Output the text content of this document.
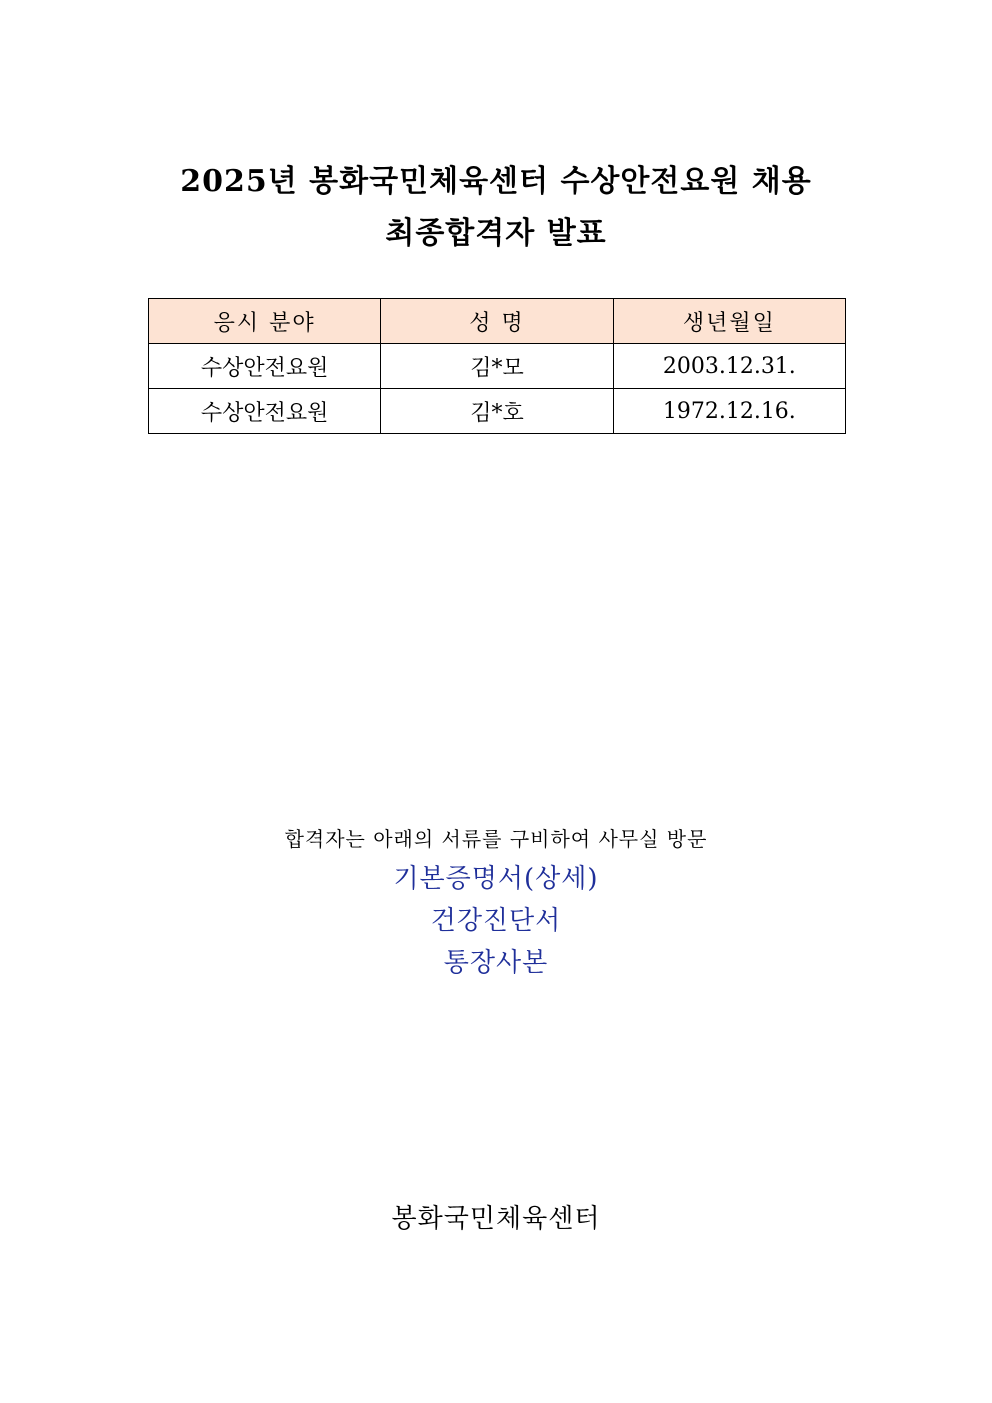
2025년 봉화국민체육센터 수상안전요원 채용
최종합격자 발표
응시 분야	성 명	생년월일
수상안전요원	김*모	2003.12.31.
수상안전요원	김*호	1972.12.16.
합격자는 아래의 서류를 구비하여 사무실 방문
기본증명서(상세)
건강진단서
통장사본
봉화국민체육센터
